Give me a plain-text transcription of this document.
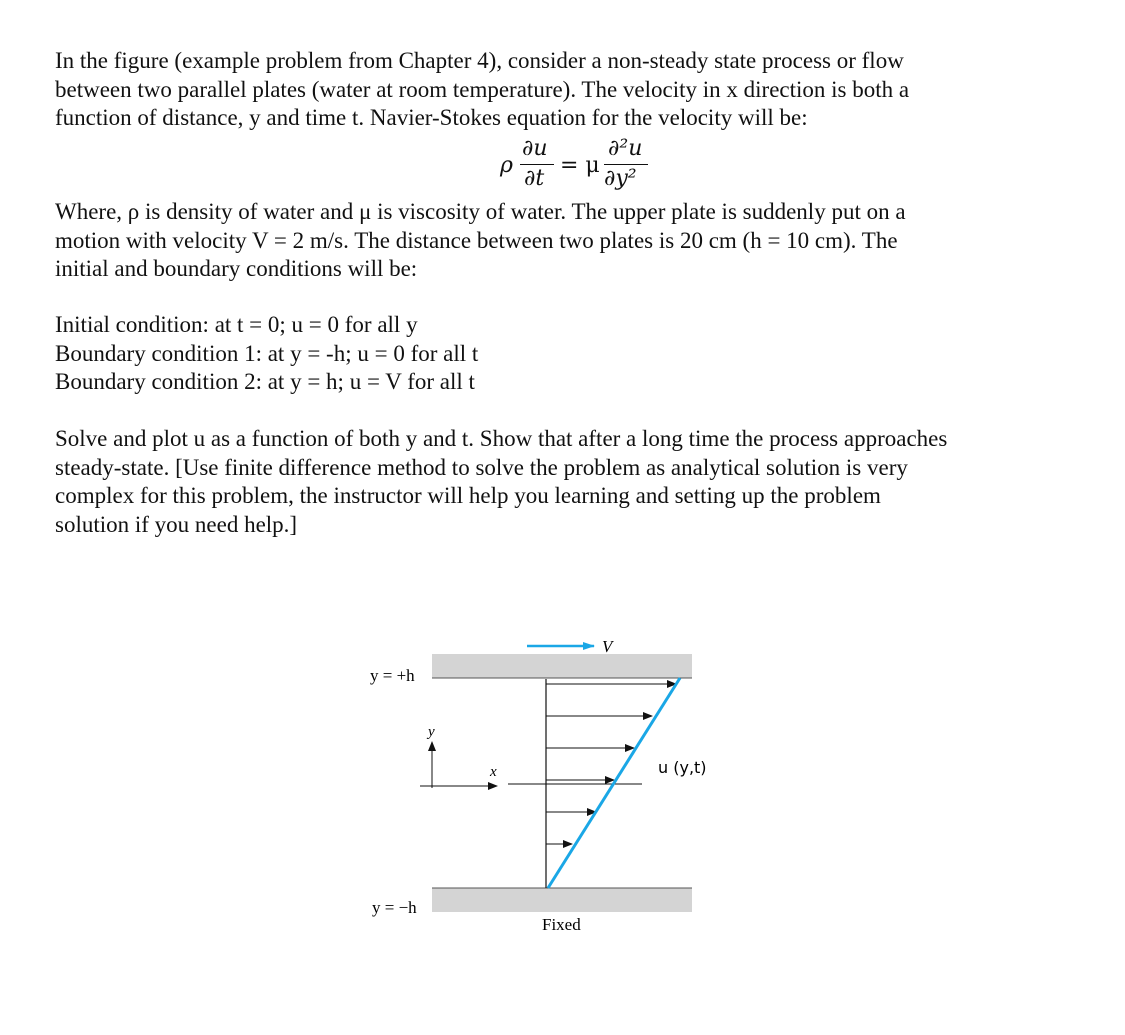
In the figure (example problem from Chapter 4), consider a non-steady state process or flow
between two parallel plates (water at room temperature). The velocity in x direction is both a
function of distance, y and time t. Navier-Stokes equation for the velocity will be:
ρ
∂u
∂t
= μ
∂²u
∂y²
Where, ρ is density of water and μ is viscosity of water. The upper plate is suddenly put on a
motion with velocity V = 2 m/s. The distance between two plates is 20 cm (h = 10 cm). The
initial and boundary conditions will be:
Initial condition: at t = 0; u = 0 for all y
Boundary condition 1: at y = -h; u = 0 for all t
Boundary condition 2: at y = h; u = V for all t
Solve and plot u as a function of both y and t. Show that after a long time the process approaches
steady-state. [Use finite difference method to solve the problem as analytical solution is very
complex for this problem, the instructor will help you learning and setting up the problem
solution if you need help.]
V
y = +h
y = −h
u (y,t)
y
x
Fixed
